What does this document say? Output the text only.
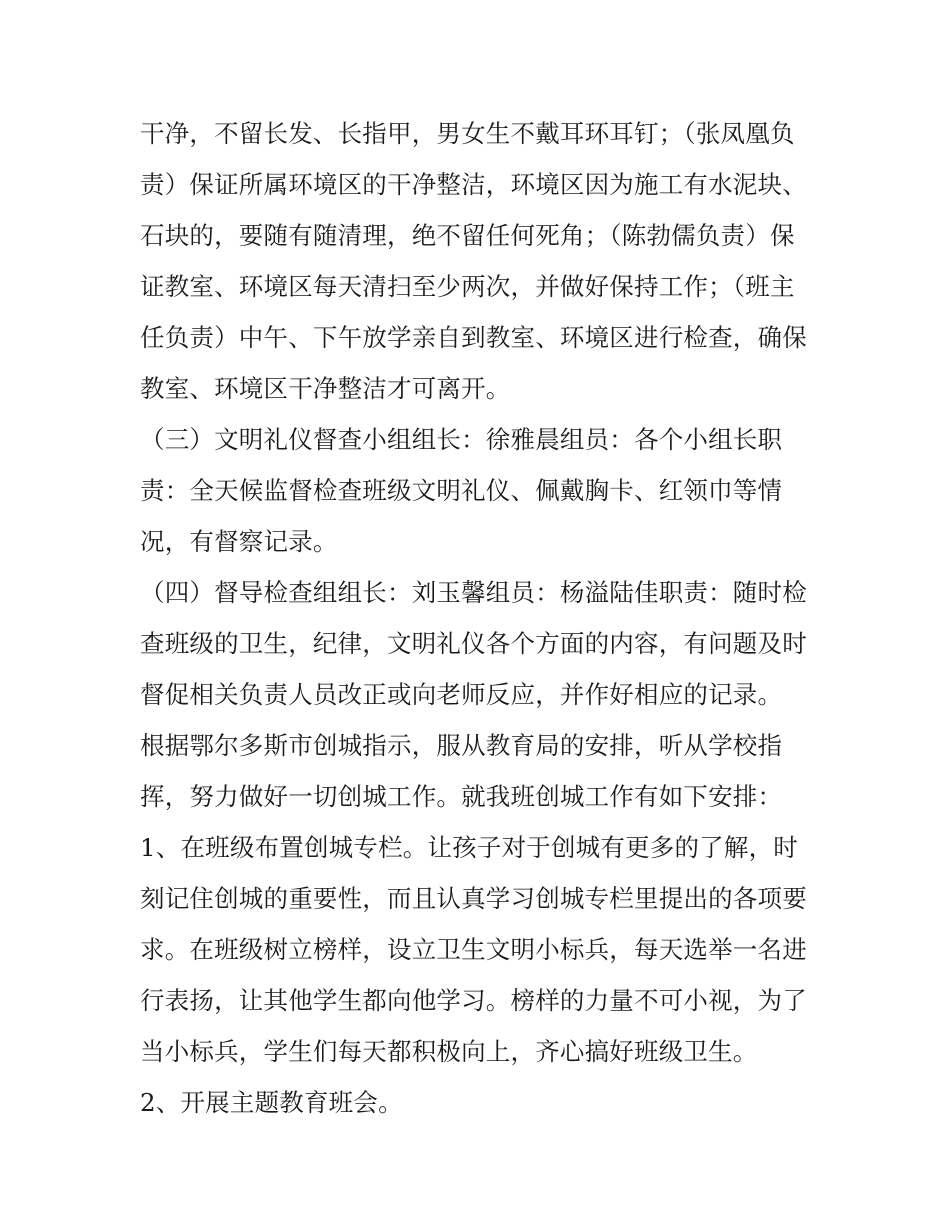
干净，不留长发、长指甲，男女生不戴耳环耳钉；（张凤凰负
责）保证所属环境区的干净整洁，环境区因为施工有水泥块、
石块的，要随有随清理，绝不留任何死角；（陈勃儒负责）保
证教室、环境区每天清扫至少两次，并做好保持工作；（班主
任负责）中午、下午放学亲自到教室、环境区进行检查，确保
教室、环境区干净整洁才可离开。
（三）文明礼仪督查小组组长：徐雅晨组员：各个小组长职
责：全天候监督检查班级文明礼仪、佩戴胸卡、红领巾等情
况，有督察记录。
（四）督导检查组组长：刘玉馨组员：杨溢陆佳职责：随时检
查班级的卫生，纪律，文明礼仪各个方面的内容，有问题及时
督促相关负责人员改正或向老师反应，并作好相应的记录。
根据鄂尔多斯市创城指示，服从教育局的安排，听从学校指
挥，努力做好一切创城工作。就我班创城工作有如下安排：
1、在班级布置创城专栏。让孩子对于创城有更多的了解，时
刻记住创城的重要性，而且认真学习创城专栏里提出的各项要
求。在班级树立榜样，设立卫生文明小标兵，每天选举一名进
行表扬，让其他学生都向他学习。榜样的力量不可小视，为了
当小标兵，学生们每天都积极向上，齐心搞好班级卫生。
2、开展主题教育班会。
